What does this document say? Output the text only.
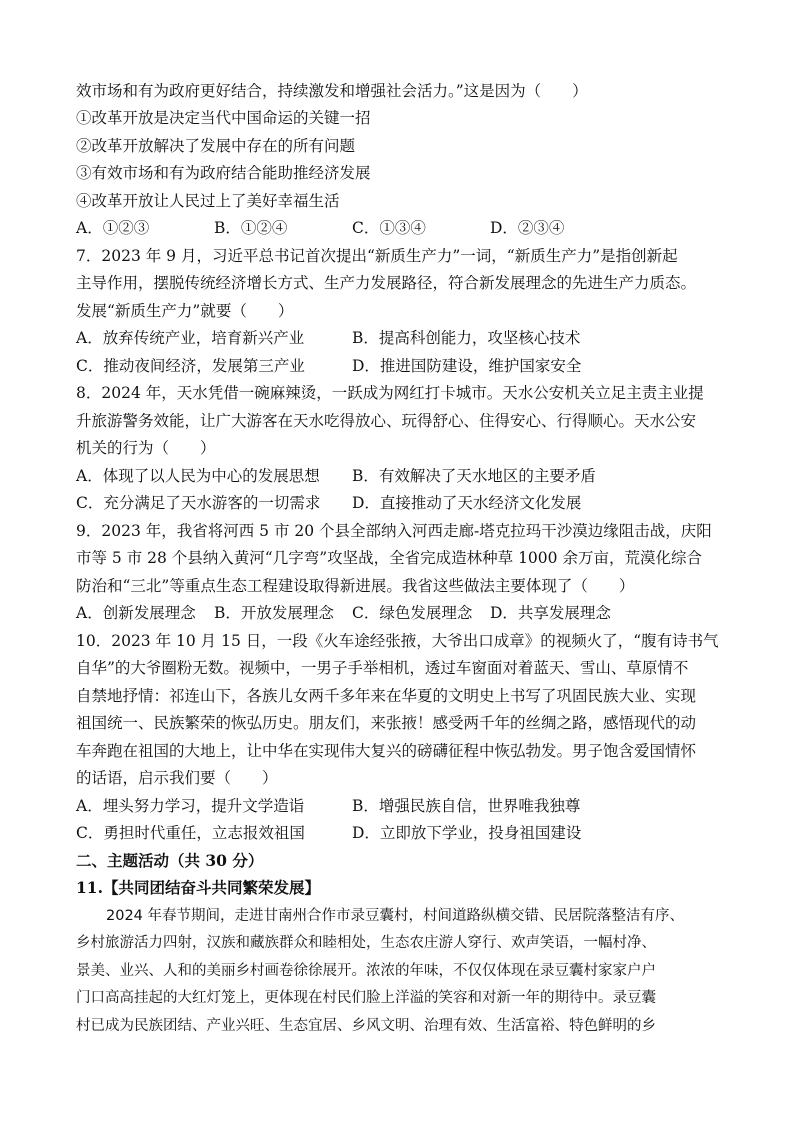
效市场和有为政府更好结合，持续激发和增强社会活力。”这是因为（　　）
①改革开放是决定当代中国命运的关键一招
②改革开放解决了发展中存在的所有问题
③有效市场和有为政府结合能助推经济发展
④改革开放让人民过上了美好幸福生活
A．①②③	B．①②④	C．①③④	D．②③④
7．2023 年 9 月，习近平总书记首次提出“新质生产力”一词，“新质生产力”是指创新起
主导作用，摆脱传统经济增长方式、生产力发展路径，符合新发展理念的先进生产力质态。
发展“新质生产力”就要（　　）
A．放弃传统产业，培育新兴产业	B．提高科创能力，攻坚核心技术
C．推动夜间经济，发展第三产业	D．推进国防建设，维护国家安全
8．2024 年，天水凭借一碗麻辣烫，一跃成为网红打卡城市。天水公安机关立足主责主业提
升旅游警务效能，让广大游客在天水吃得放心、玩得舒心、住得安心、行得顺心。天水公安
机关的行为（　　）
A．体现了以人民为中心的发展思想 B．有效解决了天水地区的主要矛盾
C．充分满足了天水游客的一切需求 D．直接推动了天水经济文化发展
9．2023 年，我省将河西 5 市 20 个县全部纳入河西走廊-塔克拉玛干沙漠边缘阻击战，庆阳
市等 5 市 28 个县纳入黄河“几字弯”攻坚战，全省完成造林种草 1000 余万亩，荒漠化综合
防治和“三北”等重点生态工程建设取得新进展。我省这些做法主要体现了（　　）
A．创新发展理念 B．开放发展理念 C．绿色发展理念 D．共享发展理念
10．2023 年 10 月 15 日，一段《火车途经张掖，大爷出口成章》的视频火了，“腹有诗书气
自华”的大爷圈粉无数。视频中，一男子手举相机，透过车窗面对着蓝天、雪山、草原情不
自禁地抒情：祁连山下，各族儿女两千多年来在华夏的文明史上书写了巩固民族大业、实现
祖国统一、民族繁荣的恢弘历史。朋友们，来张掖！感受两千年的丝绸之路，感悟现代的动
车奔跑在祖国的大地上，让中华在实现伟大复兴的磅礴征程中恢弘勃发。男子饱含爱国情怀
的话语，启示我们要（　　）
A．埋头努力学习，提升文学造诣	B．增强民族自信，世界唯我独尊
C．勇担时代重任，立志报效祖国	D．立即放下学业，投身祖国建设
二、主题活动（共 30 分）
11.【共同团结奋斗共同繁荣发展】
2024 年春节期间，走进甘南州合作市录豆囊村，村间道路纵横交错、民居院落整洁有序、
乡村旅游活力四射，汉族和藏族群众和睦相处，生态农庄游人穿行、欢声笑语，一幅村净、
景美、业兴、人和的美丽乡村画卷徐徐展开。浓浓的年味，不仅仅体现在录豆囊村家家户户
门口高高挂起的大红灯笼上，更体现在村民们脸上洋溢的笑容和对新一年的期待中。录豆囊
村已成为民族团结、产业兴旺、生态宜居、乡风文明、治理有效、生活富裕、特色鲜明的乡
